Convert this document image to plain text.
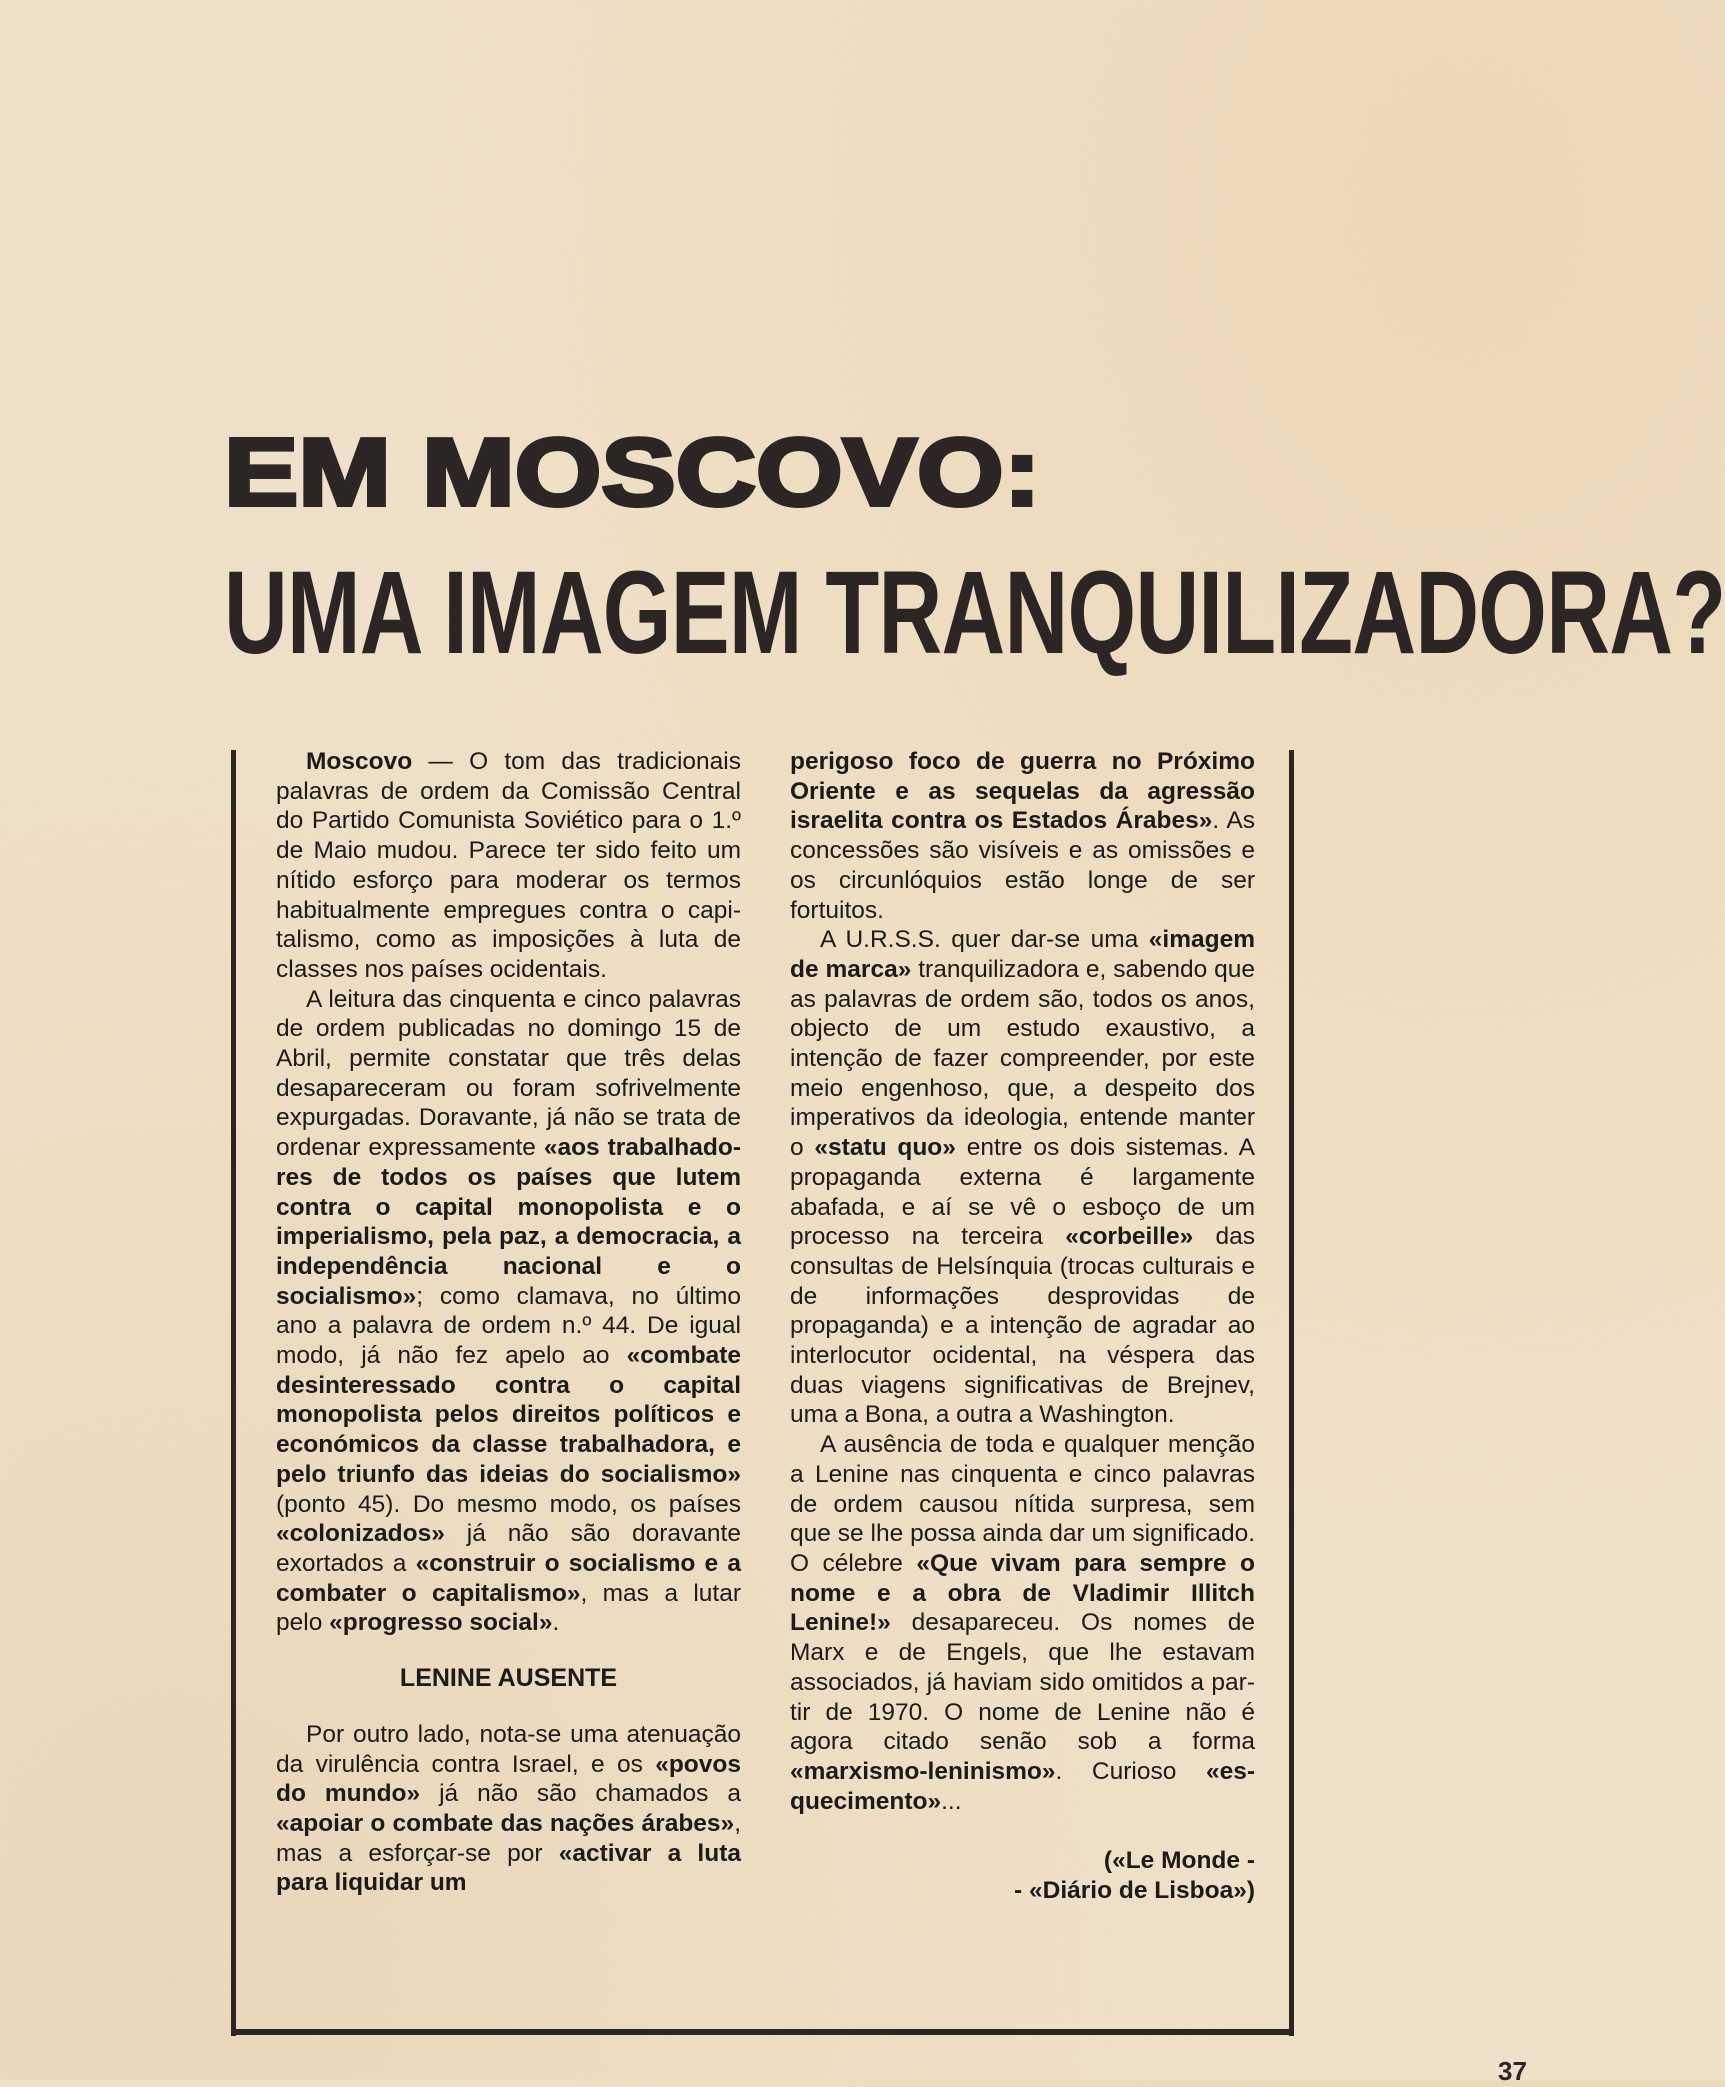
EM MOSCOVO:
UMA IMAGEM TRANQUILIZADORA?

Moscovo — O tom das tradicionais palavras de ordem da Comissão Central do Partido Comunista Soviético para o 1.º de Maio mudou. Parece ter sido feito um nítido esforço para moderar os termos habitualmente empregues contra o capitalismo, como as imposições à luta de classes nos países ocidentais.

A leitura das cinquenta e cinco palavras de ordem publicadas no domingo 15 de Abril, permite constatar que três delas desapareceram ou foram sofrivelmente expurgadas. Doravante, já não se trata de ordenar expressamente «aos trabalhadores de todos os países que lutem contra o capital monopolista e o imperialismo, pela paz, a democracia, a independência nacional e o socialismo»; como clamava, no último ano a palavra de ordem n.º 44. De igual modo, já não fez apelo ao «combate desinteressado contra o capital monopolista pelos direitos políticos e económicos da classe trabalhadora, e pelo triunfo das ideias do socialismo» (ponto 45). Do mesmo modo, os países «colonizados» já não são doravante exortados a «construir o socialismo e a combater o capitalismo», mas a lutar pelo «progresso social».

LENINE AUSENTE

Por outro lado, nota-se uma atenuação da virulência contra Israel, e os «povos do mundo» já não são chamados a «apoiar o combate das nações árabes», mas a esforçar-se por «activar a luta para liquidar um

perigoso foco de guerra no Próximo Oriente e as sequelas da agressão israelita contra os Estados Árabes». As concessões são visíveis e as omissões e os circunlóquios estão longe de ser fortuitos.

A U.R.S.S. quer dar-se uma «imagem de marca» tranquilizadora e, sabendo que as palavras de ordem são, todos os anos, objecto de um estudo exaustivo, a intenção de fazer compreender, por este meio engenhoso, que, a despeito dos imperativos da ideologia, entende manter o «statu quo» entre os dois sistemas. A propaganda externa é largamente abafada, e aí se vê o esboço de um processo na terceira «corbeille» das consultas de Helsínquia (trocas culturais e de informações desprovidas de propaganda) e a intenção de agradar ao interlocutor ocidental, na véspera das duas viagens significativas de Brejnev, uma a Bona, a outra a Washington.

A ausência de toda e qualquer menção a Lenine nas cinquenta e cinco palavras de ordem causou nítida surpresa, sem que se lhe possa ainda dar um significado. O célebre «Que vivam para sempre o nome e a obra de Vladimir Illitch Lenine!» desapareceu. Os nomes de Marx e de Engels, que lhe estavam associados, já haviam sido omitidos a partir de 1970. O nome de Lenine não é agora citado senão sob a forma «marxismo-leninismo». Curioso «esquecimento»...

(«Le Monde -
- «Diário de Lisboa»)

37
